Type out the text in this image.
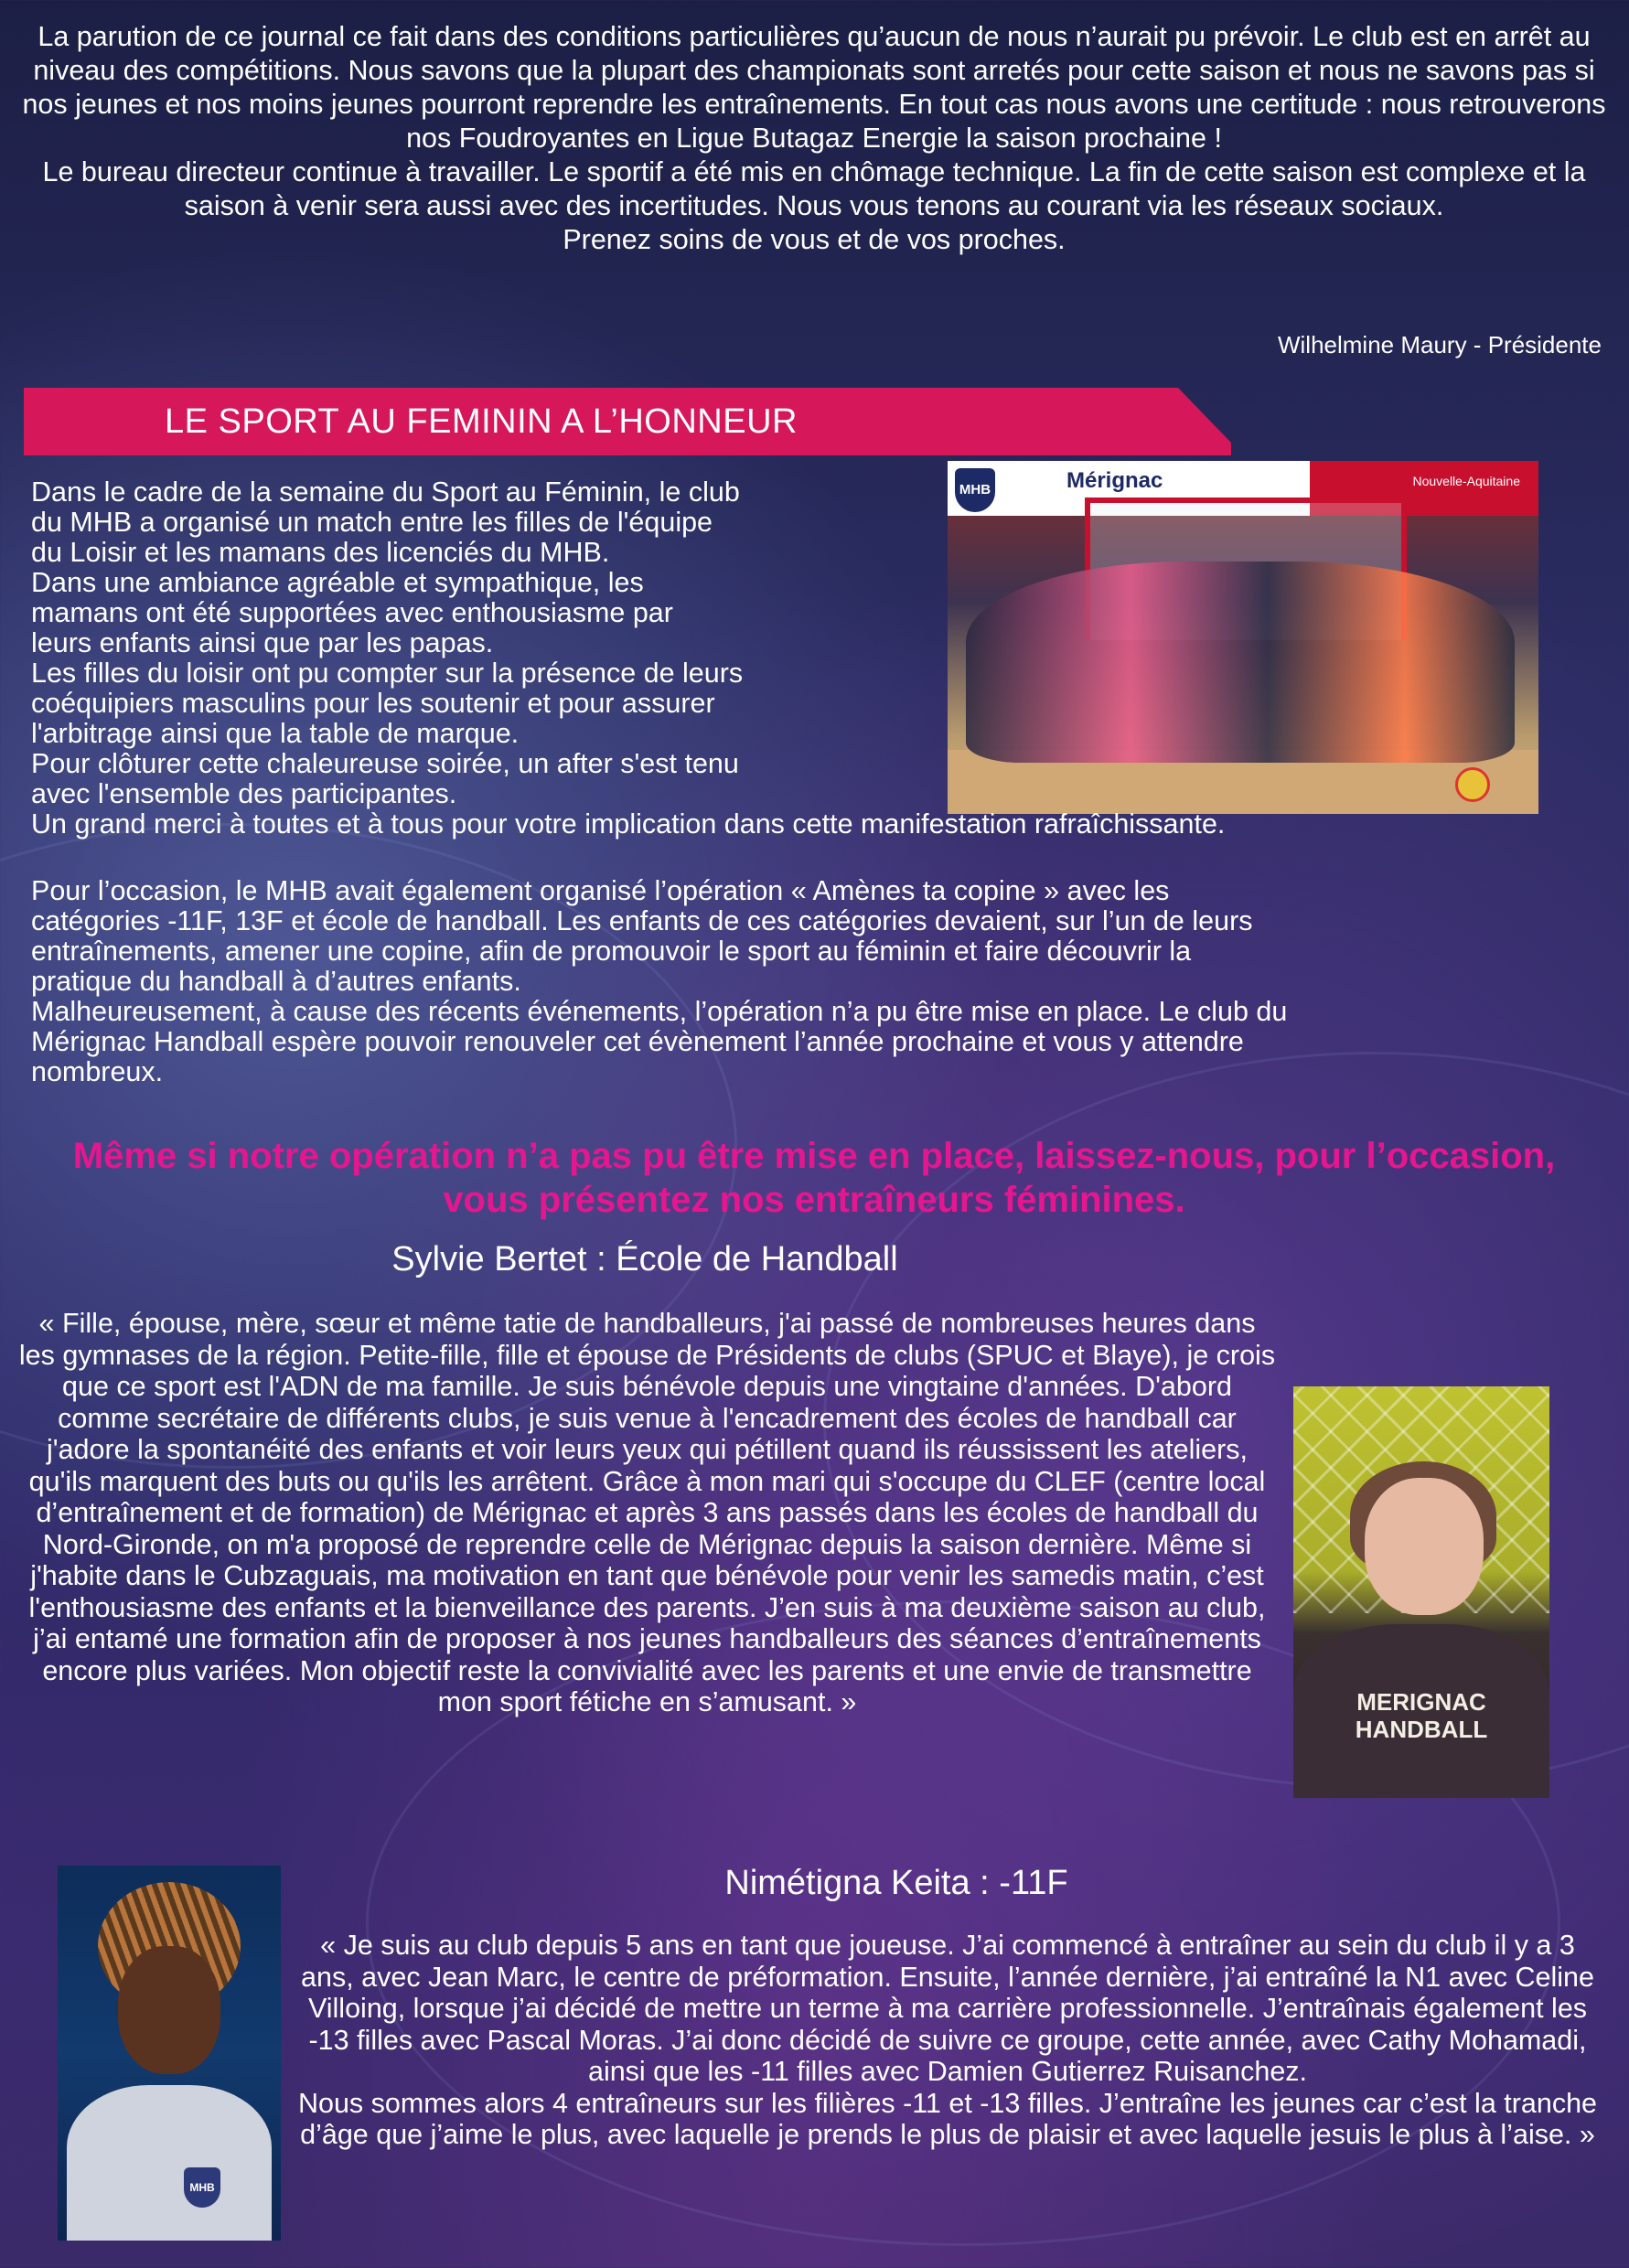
La parution de ce journal ce fait dans des conditions particulières qu’aucun de nous n’aurait pu prévoir. Le club est en arrêt au niveau des compétitions. Nous savons que la plupart des championats sont arretés pour cette saison et nous ne savons pas si nos jeunes et nos moins jeunes pourront reprendre les entraînements. En tout cas nous avons une certitude : nous retrouverons nos Foudroyantes en Ligue Butagaz Energie la saison prochaine !

Le bureau directeur continue à travailler. Le sportif a été mis en chômage technique. La fin de cette saison est complexe et la saison à venir sera aussi avec des incertitudes. Nous vous tenons au courant via les réseaux sociaux.

Prenez soins de vous et de vos proches.

Wilhelmine Maury - Présidente
LE SPORT AU FEMININ A L’HONNEUR

Dans le cadre de la semaine du Sport au Féminin, le club

du MHB a organisé un match entre les filles de l'équipe

du Loisir et les mamans des licenciés du MHB.

Dans une ambiance agréable et sympathique, les

mamans ont été supportées avec enthousiasme par

leurs enfants ainsi que par les papas.

Les filles du loisir ont pu compter sur la présence de leurs

coéquipiers masculins pour les soutenir et pour assurer

l'arbitrage ainsi que la table de marque.

Pour clôturer cette chaleureuse soirée, un after s'est tenu

avec l'ensemble des participantes.

Mérignac	Nouvelle-Aquitaine
MHB

Un grand merci à toutes et à tous pour votre implication dans cette manifestation rafraîchissante.

Pour l’occasion, le MHB avait également organisé l’opération « Amènes ta copine » avec les

catégories -11F, 13F et école de handball. Les enfants de ces catégories devaient, sur l’un de leurs

entraînements, amener une copine, afin de promouvoir le sport au féminin et faire découvrir la

pratique du handball à d’autres enfants.

Malheureusement, à cause des récents événements, l’opération n’a pu être mise en place. Le club du

Mérignac Handball espère pouvoir renouveler cet évènement l’année prochaine et vous y attendre

nombreux.

Même si notre opération n’a pas pu être mise en place, laissez-nous, pour l’occasion, vous présentez nos entraîneurs féminines.

Sylvie Bertet : École de Handball

« Fille, épouse, mère, sœur et même tatie de handballeurs, j'ai passé de nombreuses heures dans les gymnases de la région. Petite-fille, fille et épouse de Présidents de clubs (SPUC et Blaye), je crois que ce sport est l'ADN de ma famille. Je suis bénévole depuis une vingtaine d'années. D'abord comme secrétaire de différents clubs, je suis venue à l'encadrement des écoles de handball car j'adore la spontanéité des enfants et voir leurs yeux qui pétillent quand ils réussissent les ateliers, qu'ils marquent des buts ou qu'ils les arrêtent. Grâce à mon mari qui s'occupe du CLEF (centre local d’entraînement et de formation) de Mérignac et après 3 ans passés dans les écoles de handball du Nord-Gironde, on m'a proposé de reprendre celle de Mérignac depuis la saison dernière. Même si j'habite dans le Cubzaguais, ma motivation en tant que bénévole pour venir les samedis matin, c’est l'enthousiasme des enfants et la bienveillance des parents. J’en suis à ma deuxième saison au club, j’ai entamé une formation afin de proposer à nos jeunes handballeurs des séances d’entraînements encore plus variées. Mon objectif reste la convivialité avec les parents et une envie de transmettre mon sport fétiche en s’amusant. »	MERIGNAC
HANDBALL
MHB
Nimétigna Keita : -11F

« Je suis au club depuis 5 ans en tant que joueuse. J’ai commencé à entraîner au sein du club il y a 3 ans, avec Jean Marc, le centre de préformation. Ensuite, l’année dernière, j’ai entraîné la N1 avec Celine Villoing, lorsque j’ai décidé de mettre un terme à ma carrière professionnelle. J’entraînais également les -13 filles avec Pascal Moras. J’ai donc décidé de suivre ce groupe, cette année, avec Cathy Mohamadi, ainsi que les -11 filles avec Damien Gutierrez Ruisanchez.

Nous sommes alors 4 entraîneurs sur les filières -11 et -13 filles. J’entraîne les jeunes car c’est la tranche d’âge que j’aime le plus, avec laquelle je prends le plus de plaisir et avec laquelle jesuis le plus à l’aise. »
